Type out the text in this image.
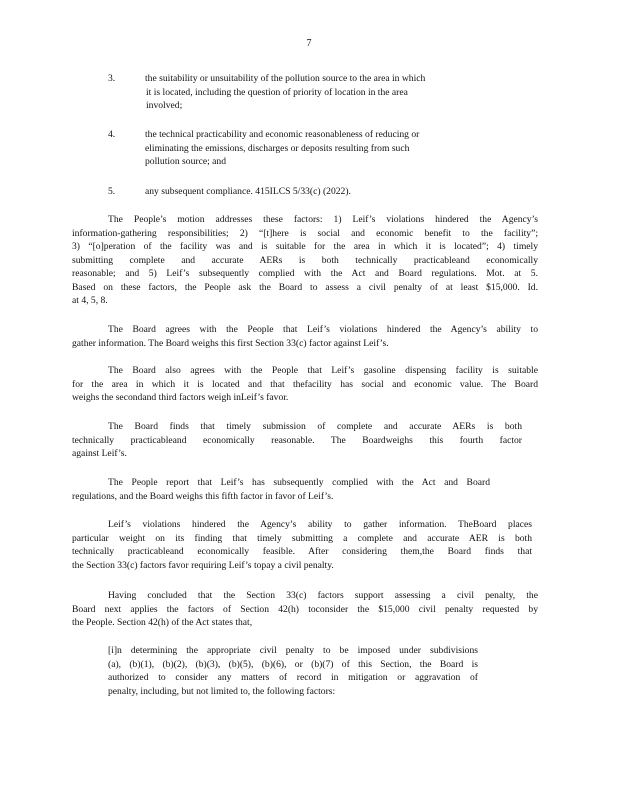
7
3.	the suitability or unsuitability of the pollution source to the area in which
it is located, including the question of priority of location in the area
involved;
4.	the technical practicability and economic reasonableness of reducing or
eliminating the emissions, discharges or deposits resulting from such
pollution source; and
5.	any subsequent compliance. 415ILCS 5/33(c) (2022).
The People’s motion addresses these factors: 1) Leif’s violations hindered the Agency’s
information-gathering responsibilities; 2) “[t]here is social and economic benefit to the facility”;
3) “[o]peration of the facility was and is suitable for the area in which it is located”; 4) timely
submitting complete and accurate AERs is both technically practicableand economically
reasonable; and 5) Leif’s subsequently complied with the Act and Board regulations. Mot. at 5.
Based on these factors, the People ask the Board to assess a civil penalty of at least $15,000. Id.
at 4, 5, 8.
The Board agrees with the People that Leif’s violations hindered the Agency’s ability to
gather information. The Board weighs this first Section 33(c) factor against Leif’s.
The Board also agrees with the People that Leif’s gasoline dispensing facility is suitable
for the area in which it is located and that thefacility has social and economic value. The Board
weighs the secondand third factors weigh inLeif’s favor.
The Board finds that timely submission of complete and accurate AERs is both
technically practicableand economically reasonable. The Boardweighs this fourth factor
against Leif’s.
The People report that Leif’s has subsequently complied with the Act and Board
regulations, and the Board weighs this fifth factor in favor of Leif’s.
Leif’s violations hindered the Agency’s ability to gather information. TheBoard places
particular weight on its finding that timely submitting a complete and accurate AER is both
technically practicableand economically feasible. After considering them,the Board finds that
the Section 33(c) factors favor requiring Leif’s topay a civil penalty.
Having concluded that the Section 33(c) factors support assessing a civil penalty, the
Board next applies the factors of Section 42(h) toconsider the $15,000 civil penalty requested by
the People. Section 42(h) of the Act states that,
[i]n determining the appropriate civil penalty to be imposed under subdivisions
(a), (b)(1), (b)(2), (b)(3), (b)(5), (b)(6), or (b)(7) of this Section, the Board is
authorized to consider any matters of record in mitigation or aggravation of
penalty, including, but not limited to, the following factors:
